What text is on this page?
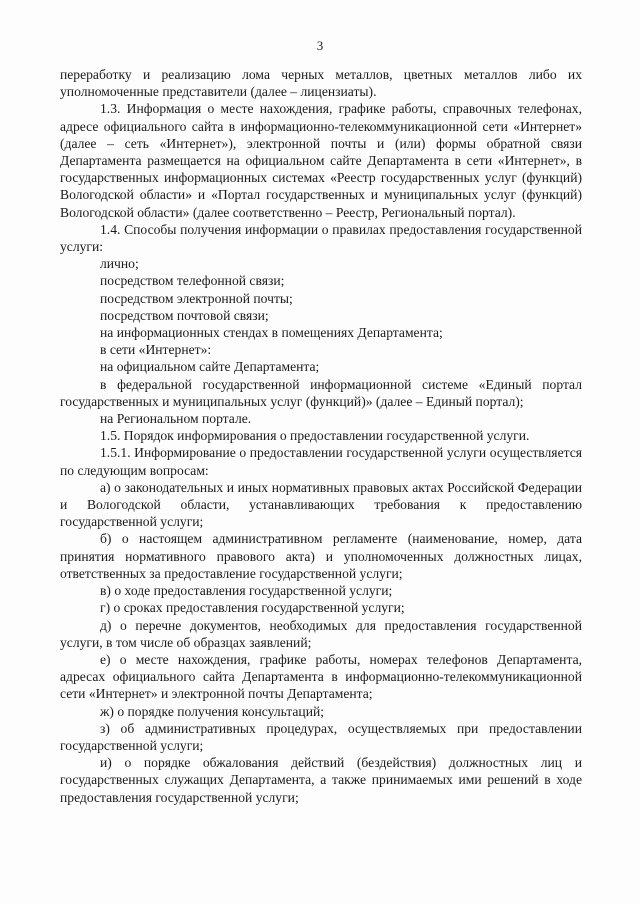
3

переработку и реализацию лома черных металлов, цветных металлов либо их уполномоченные представители (далее – лицензиаты).

1.3. Информация о месте нахождения, графике работы, справочных телефонах, адресе официального сайта в информационно-телекоммуникационной сети «Интернет» (далее – сеть «Интернет»), электронной почты и (или) формы обратной связи Департамента размещается на официальном сайте Департамента в сети «Интернет», в государственных информационных системах «Реестр государственных услуг (функций) Вологодской области» и «Портал государственных и муниципальных услуг (функций) Вологодской области» (далее соответственно – Реестр, Региональный портал).

1.4. Способы получения информации о правилах предоставления государственной услуги:

лично;

посредством телефонной связи;

посредством электронной почты;

посредством почтовой связи;

на информационных стендах в помещениях Департамента;

в сети «Интернет»:

на официальном сайте Департамента;

в федеральной государственной информационной системе «Единый портал государственных и муниципальных услуг (функций)» (далее – Единый портал);

на Региональном портале.

1.5. Порядок информирования о предоставлении государственной услуги.

1.5.1. Информирование о предоставлении государственной услуги осуществляется по следующим вопросам:

а) о законодательных и иных нормативных правовых актах Российской Федерации и Вологодской области, устанавливающих требования к предоставлению государственной услуги;

б) о настоящем административном регламенте (наименование, номер, дата принятия нормативного правового акта) и уполномоченных должностных лицах, ответственных за предоставление государственной услуги;

в) о ходе предоставления государственной услуги;

г) о сроках предоставления государственной услуги;

д) о перечне документов, необходимых для предоставления государственной услуги, в том числе об образцах заявлений;

е) о месте нахождения, графике работы, номерах телефонов Департамента, адресах официального сайта Департамента в информационно-телекоммуникационной сети «Интернет» и электронной почты Департамента;

ж) о порядке получения консультаций;

з) об административных процедурах, осуществляемых при предоставлении государственной услуги;

и) о порядке обжалования действий (бездействия) должностных лиц и государственных служащих Департамента, а также принимаемых ими решений в ходе предоставления государственной услуги;
